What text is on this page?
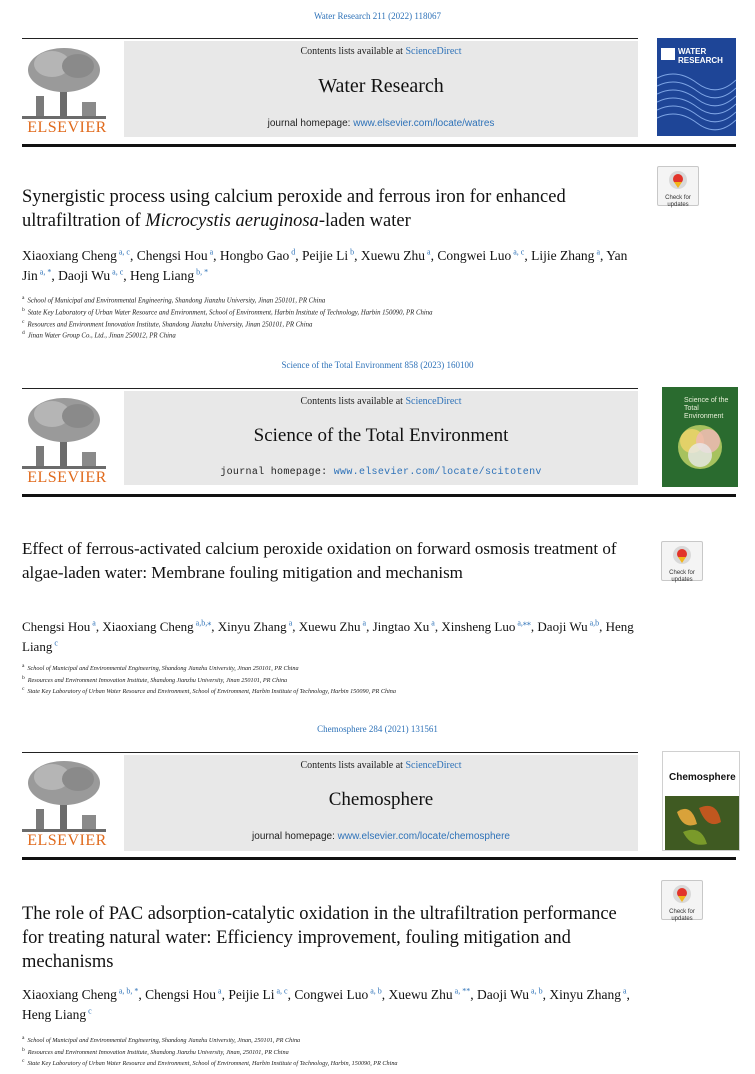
Water Research 211 (2022) 118067
ELSEVIER
Contents lists available at ScienceDirect
Water Research
journal homepage: www.elsevier.com/locate/watres
WATER RESEARCH
Check for updates
Synergistic process using calcium peroxide and ferrous iron for enhanced ultrafiltration of Microcystis aeruginosa-laden water
Xiaoxiang Cheng $^{a, c}$, Chengsi Hou $^a$, Hongbo Gao $^d$, Peijie Li $^b$, Xuewu Zhu $^a$, Congwei Luo $^{a, c}$, Lijie Zhang $^a$, Yan Jin $^{a, *}$, Daoji Wu $^{a, c}$, Heng Liang $^{b, *}$
$^a$ School of Municipal and Environmental Engineering, Shandong Jianzhu University, Jinan 250101, PR China
$^b$ State Key Laboratory of Urban Water Resource and Environment, School of Environment, Harbin Institute of Technology, Harbin 150090, PR China
$^c$ Resources and Environment Innovation Institute, Shandong Jianzhu University, Jinan 250101, PR China
$^d$ Jinan Water Group Co., Ltd., Jinan 250012, PR China
Science of the Total Environment 858 (2023) 160100
ELSEVIER
Contents lists available at ScienceDirect
Science of the Total Environment
journal homepage: www.elsevier.com/locate/scitotenv
Science of the Total Environment
Check for updates
Effect of ferrous-activated calcium peroxide oxidation on forward osmosis treatment of algae-laden water: Membrane fouling mitigation and mechanism
Chengsi Hou $^a$, Xiaoxiang Cheng $^{a,b,⁎}$, Xinyu Zhang $^a$, Xuewu Zhu $^a$, Jingtao Xu $^a$, Xinsheng Luo $^{a,⁎⁎}$, Daoji Wu $^{a,b}$, Heng Liang $^c$
a School of Municipal and Environmental Engineering, Shandong Jianzhu University, Jinan 250101, PR China
b Resources and Environment Innovation Institute, Shandong Jianzhu University, Jinan 250101, PR China
c State Key Laboratory of Urban Water Resource and Environment, School of Environment, Harbin Institute of Technology, Harbin 150090, PR China
Chemosphere 284 (2021) 131561
ELSEVIER
Contents lists available at ScienceDirect
Chemosphere
journal homepage: www.elsevier.com/locate/chemosphere
Chemosphere
Check for updates
The role of PAC adsorption-catalytic oxidation in the ultrafiltration performance for treating natural water: Efficiency improvement, fouling mitigation and mechanisms
Xiaoxiang Cheng $^{a, b, *}$, Chengsi Hou $^a$, Peijie Li $^{a, c}$, Congwei Luo $^{a, b}$, Xuewu Zhu $^{a, **}$, Daoji Wu $^{a, b}$, Xinyu Zhang $^a$, Heng Liang $^c$
a School of Municipal and Environmental Engineering, Shandong Jianzhu University, Jinan, 250101, PR China
b Resources and Environment Innovation Institute, Shandong Jianzhu University, Jinan, 250101, PR China
c State Key Laboratory of Urban Water Resource and Environment, School of Environment, Harbin Institute of Technology, Harbin, 150090, PR China
